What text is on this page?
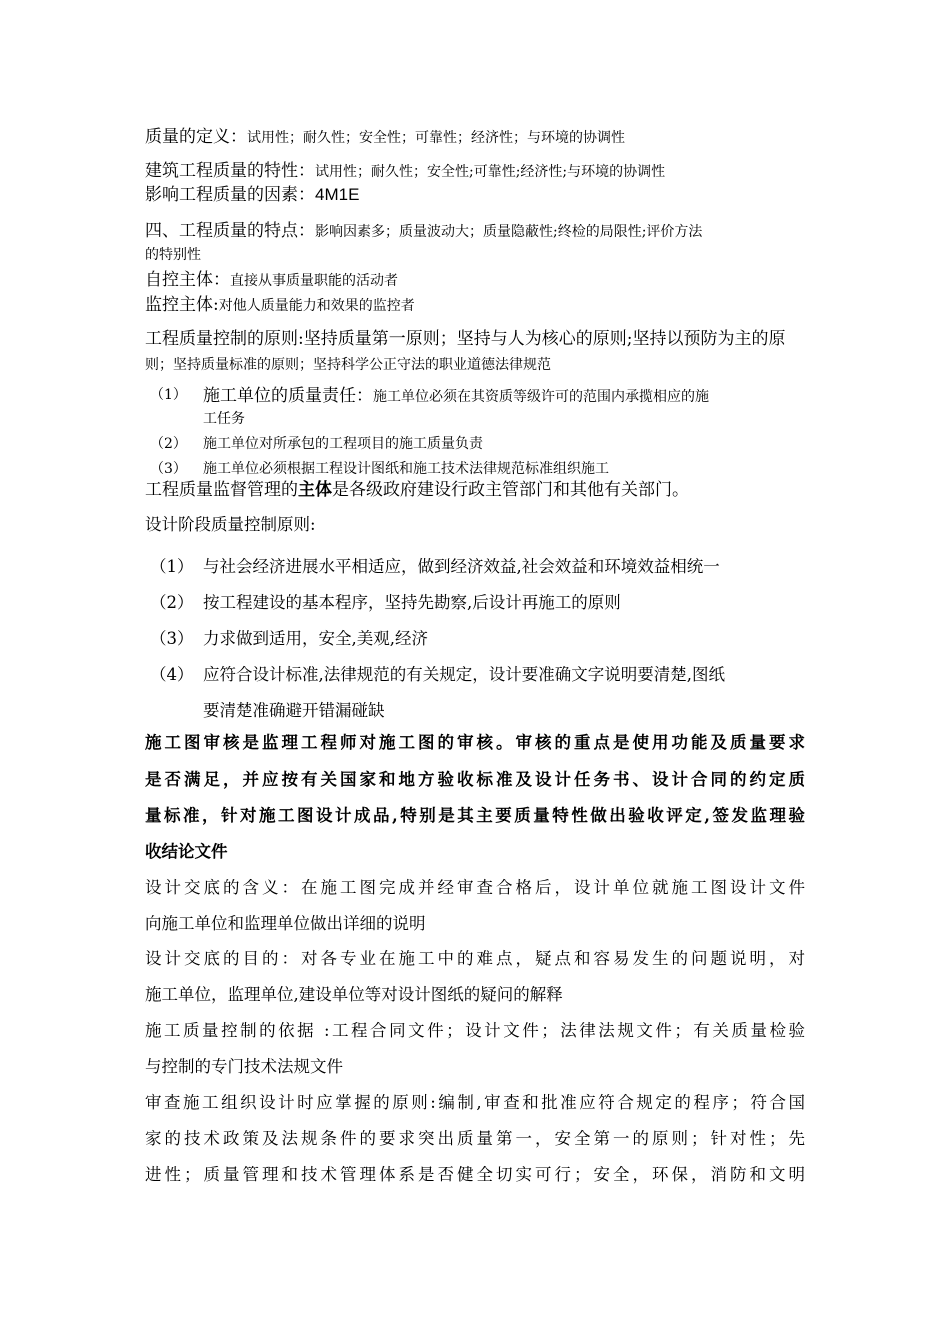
质量的定义：试用性；耐久性；安全性；可靠性；经济性；与环境的协调性
建筑工程质量的特性：试用性；耐久性；安全性;可靠性;经济性;与环境的协调性
影响工程质量的因素：4M1E
四、工程质量的特点：影响因素多；质量波动大；质量隐蔽性;终检的局限性;评价方法
的特别性
自控主体：直接从事质量职能的活动者
监控主体:对他人质量能力和效果的监控者
工程质量控制的原则:坚持质量第一原则；坚持与人为核心的原则;坚持以预防为主的原
则；坚持质量标准的原则；坚持科学公正守法的职业道德法律规范
（1） 施工单位的质量责任：施工单位必须在其资质等级许可的范围内承揽相应的施
工任务
（2） 施工单位对所承包的工程项目的施工质量负责
（3） 施工单位必须根据工程设计图纸和施工技术法律规范标准组织施工
工程质量监督管理的主体是各级政府建设行政主管部门和其他有关部门。
设计阶段质量控制原则:
（1） 与社会经济进展水平相适应，做到经济效益,社会效益和环境效益相统一
（2） 按工程建设的基本程序，坚持先勘察,后设计再施工的原则
（3） 力求做到适用，安全,美观,经济
（4） 应符合设计标准,法律规范的有关规定，设计要准确文字说明要清楚,图纸
要清楚准确避开错漏碰缺
施工图审核是监理工程师对施工图的审核。审核的重点是使用功能及质量要求
是否满足，并应按有关国家和地方验收标准及设计任务书、设计合同的约定质
量标准，针对施工图设计成品,特别是其主要质量特性做出验收评定,签发监理验
收结论文件
设计交底的含义：在施工图完成并经审查合格后，设计单位就施工图设计文件
向施工单位和监理单位做出详细的说明
设计交底的目的：对各专业在施工中的难点，疑点和容易发生的问题说明，对
施工单位，监理单位,建设单位等对设计图纸的疑问的解释
施工质量控制的依据 :工程合同文件；设计文件；法律法规文件；有关质量检验
与控制的专门技术法规文件
审查施工组织设计时应掌握的原则:编制,审查和批准应符合规定的程序；符合国
家的技术政策及法规条件的要求突出质量第一，安全第一的原则；针对性；先
进性；质量管理和技术管理体系是否健全切实可行；安全，环保，消防和文明
